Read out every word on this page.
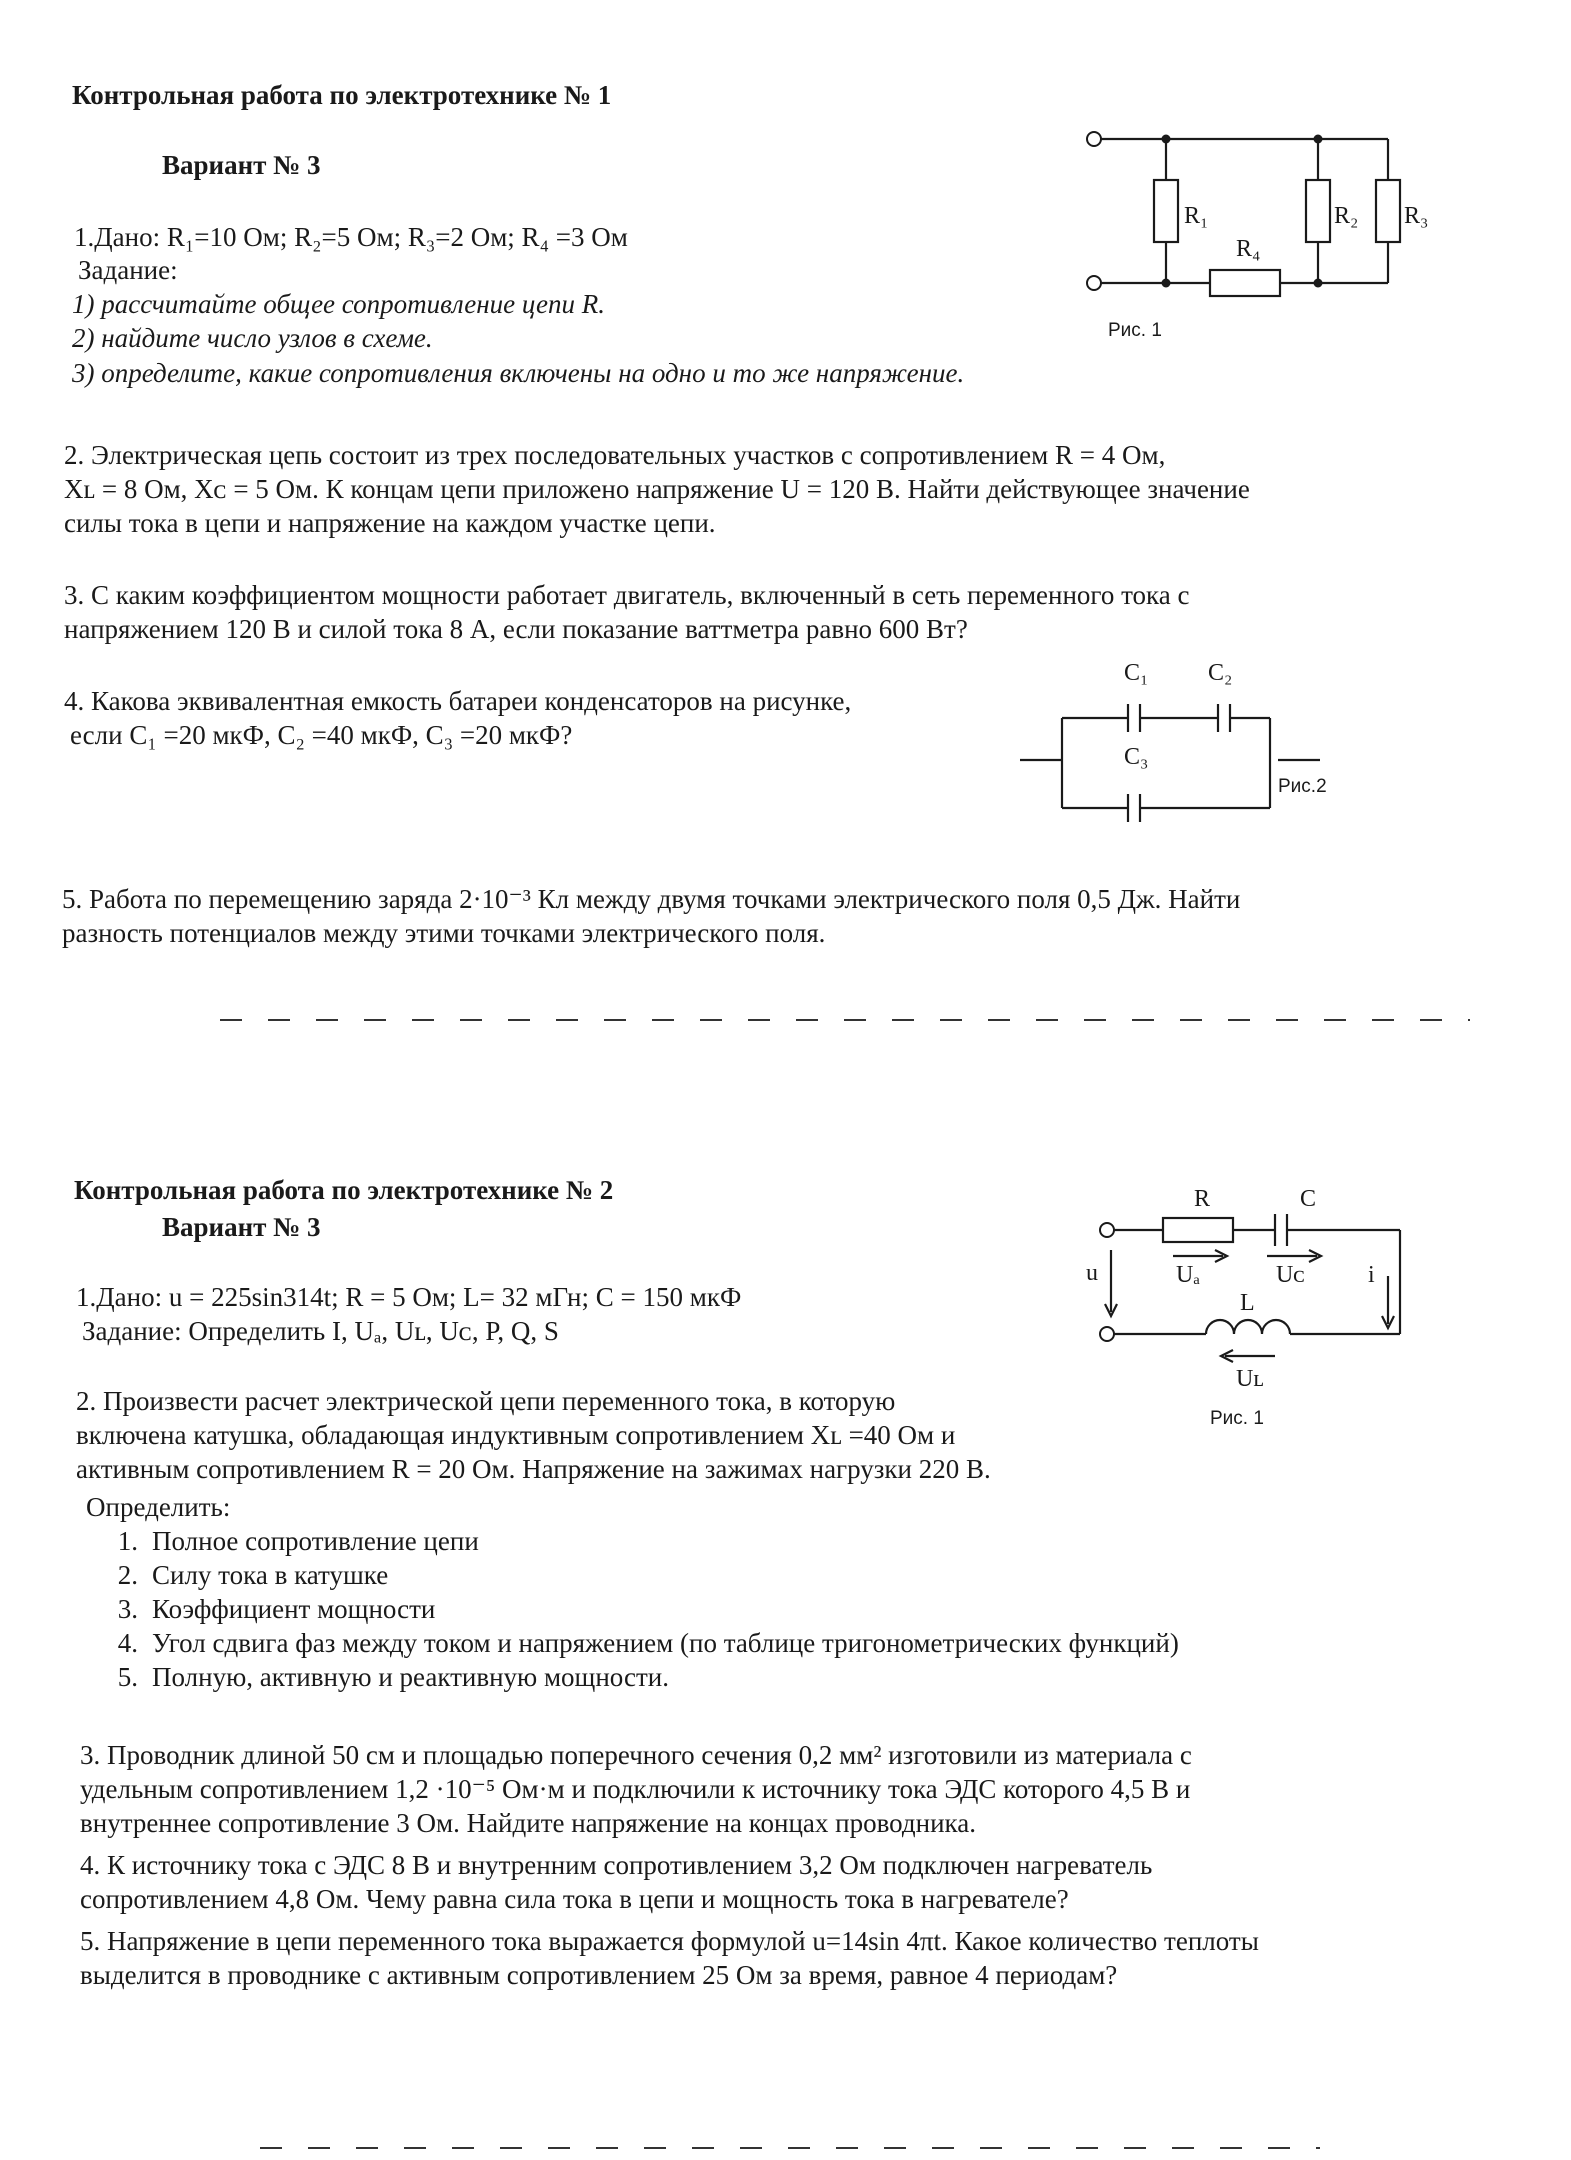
Контрольная работа по электротехнике № 1
Вариант № 3
1.Дано: R₁=10 Ом; R₂=5 Ом; R₃=2 Ом; R₄ =3 Ом
Задание:
1) рассчитайте общее сопротивление цепи R.
2) найдите число узлов в схеме.
3) определите, какие сопротивления включены на одно и то же напряжение.
R₁
R₄
R₂ R₃
Рис. 1
2. Электрическая цепь состоит из трех последовательных участков с сопротивлением R = 4 Ом,
Xʟ = 8 Ом, Xᴄ = 5 Ом. К концам цепи приложено напряжение U = 120 В. Найти действующее значение
силы тока в цепи и напряжение на каждом участке цепи.
3. С каким коэффициентом мощности работает двигатель, включенный в сеть переменного тока с
напряжением 120 В и силой тока 8 А, если показание ваттметра равно 600 Вт?
4. Какова эквивалентная емкость батареи конденсаторов на рисунке,
если C₁ =20 мкФ, C₂ =40 мкФ, C₃ =20 мкФ?
C₁ C₂
C₃
Рис.2
5. Работа по перемещению заряда 2·10⁻³ Кл между двумя точками электрического поля 0,5 Дж. Найти
разность потенциалов между этими точками электрического поля.
Контрольная работа по электротехнике № 2
Вариант № 3
1.Дано: u = 225sin314t; R = 5 Ом; L= 32 мГн; C = 150 мкФ
Задание: Определить I, Uₐ, Uʟ, Uᴄ, P, Q, S
R	C
u	Uₐ	Uᴄ	i
L
Uʟ
Рис. 1
2. Произвести расчет электрической цепи переменного тока, в которую
включена катушка, обладающая индуктивным сопротивлением Xʟ =40 Ом и
активным сопротивлением R = 20 Ом. Напряжение на зажимах нагрузки 220 В.
Определить:
1. Полное сопротивление цепи
2. Силу тока в катушке
3. Коэффициент мощности
4. Угол сдвига фаз между током и напряжением (по таблице тригонометрических функций)
5. Полную, активную и реактивную мощности.
3. Проводник длиной 50 см и площадью поперечного сечения 0,2 мм² изготовили из материала с
удельным сопротивлением 1,2 ·10⁻⁵ Ом·м и подключили к источнику тока ЭДС которого 4,5 В и
внутреннее сопротивление 3 Ом. Найдите напряжение на концах проводника.
4. К источнику тока с ЭДС 8 В и внутренним сопротивлением 3,2 Ом подключен нагреватель
сопротивлением 4,8 Ом. Чему равна сила тока в цепи и мощность тока в нагревателе?
5. Напряжение в цепи переменного тока выражается формулой u=14sin 4πt. Какое количество теплоты
выделится в проводнике с активным сопротивлением 25 Ом за время, равное 4 периодам?
